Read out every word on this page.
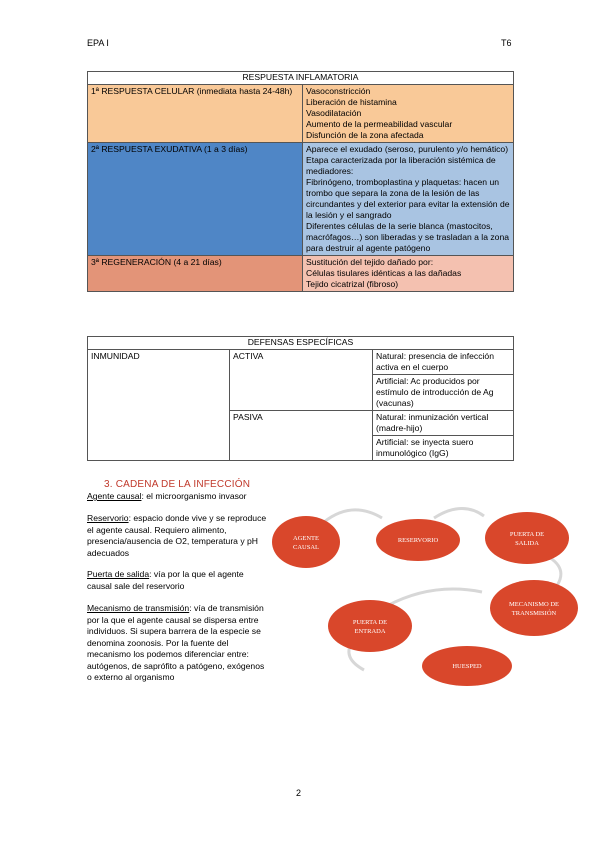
EPA I	T6
RESPUESTA INFLAMATORIA	
1ª RESPUESTA CELULAR (inmediata hasta 24-48h)	Vasoconstricción

Liberación de histamina

Vasodilatación

Aumento de la permeabilidad vascular

Disfunción de la zona afectada

2ª RESPUESTA EXUDATIVA (1 a 3 días)	Aparece el exudado (seroso, purulento y/o hemático)

Etapa caracterizada por la liberación sistémica de mediadores:

Fibrinógeno, tromboplastina y plaquetas: hacen un trombo que separa la zona de la lesión de las circundantes y del exterior para evitar la extensión de la lesión y el sangrado

Diferentes células de la serie blanca (mastocitos, macrófagos…) son liberadas y se trasladan a la zona para destruir al agente patógeno

3ª REGENERACIÓN (4 a 21 días)	Sustitución del tejido dañado por:

Células tisulares idénticas a las dañadas

Tejido cicatrizal (fibroso)

DEFENSAS ESPECÍFICAS		
INMUNIDAD	ACTIVA	Natural: presencia de infección activa en el cuerpo
		Artificial: Ac producidos por estímulo de introducción de Ag (vacunas)
	PASIVA	Natural: inmunización vertical (madre-hijo)
		Artificial: se inyecta suero inmunológico (IgG)
3. CADENA DE LA INFECCIÓN
Agente causal: el microorganismo invasor
Reservorio: espacio donde vive y se reproduce el agente causal. Requiero alimento, presencia/ausencia de O2, temperatura y pH adecuados
Puerta de salida: vía por la que el agente causal sale del reservorio
Mecanismo de transmisión: vía de transmisión por la que el agente causal se dispersa entre individuos. Si supera barrera de la especie se denomina zoonosis. Por la fuente del mecanismo los podemos diferenciar entre: autógenos, de saprófito a patógeno, exógenos o externo al organismo
AGENTE
CAUSAL
RESERVORIO
PUERTA DE
SALIDA
MECANISMO DE
TRANSMISIÓN
PUERTA DE
ENTRADA
HUESPED
2
